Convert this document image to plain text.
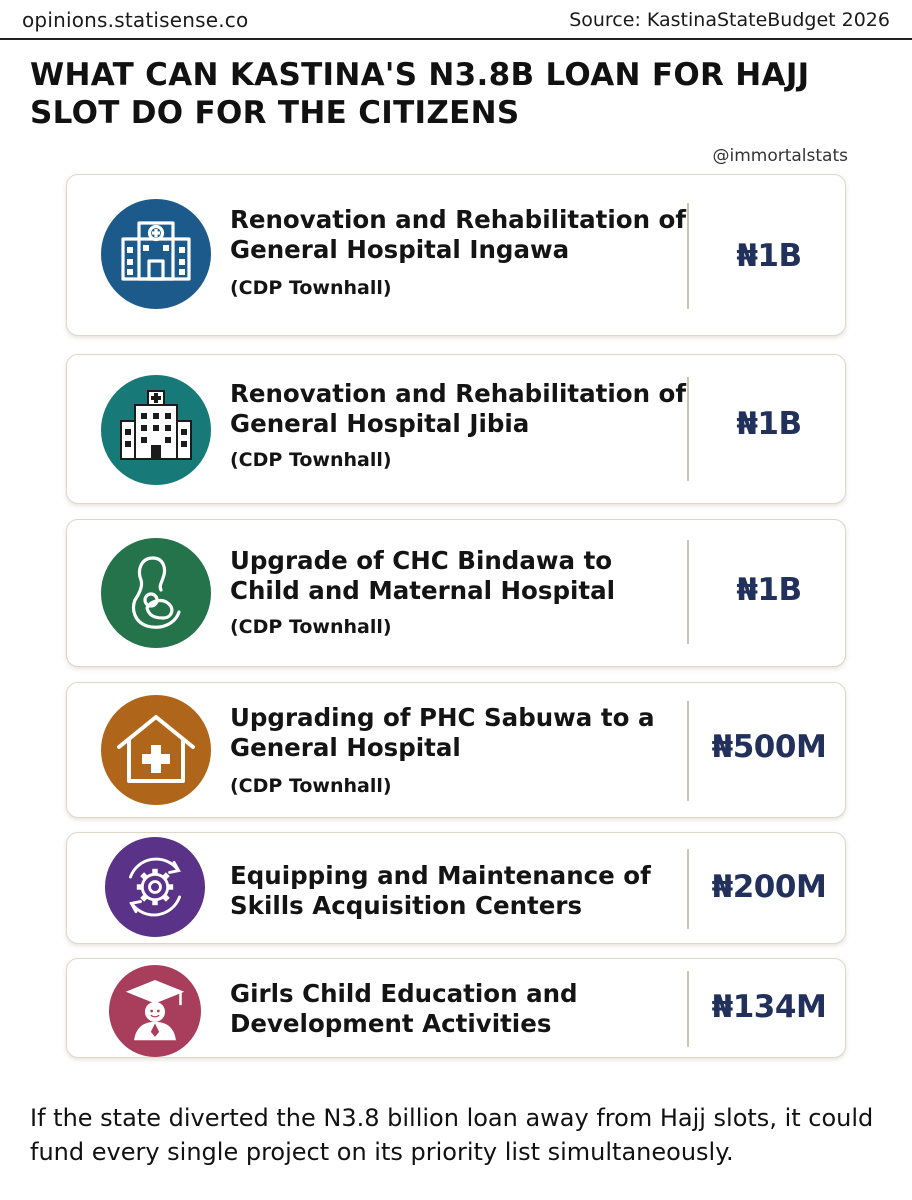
opinions.statisense.co	Source: KastinaStateBudget 2026
WHAT CAN KASTINA'S N3.8B LOAN FOR HAJJ SLOT DO FOR THE CITIZENS
@immortalstats
Renovation and Rehabilitation of General Hospital Ingawa
(CDP Townhall)
₦1B
Renovation and Rehabilitation of General Hospital Jibia
(CDP Townhall)
₦1B
Upgrade of CHC Bindawa to Child and Maternal Hospital
(CDP Townhall)
₦1B
Upgrading of PHC Sabuwa to a General Hospital
(CDP Townhall)
₦500M
Equipping and Maintenance of Skills Acquisition Centers
₦200M
Girls Child Education and Development Activities	₦134M
If the state diverted the N3.8 billion loan away from Hajj slots, it could fund every single project on its priority list simultaneously.
